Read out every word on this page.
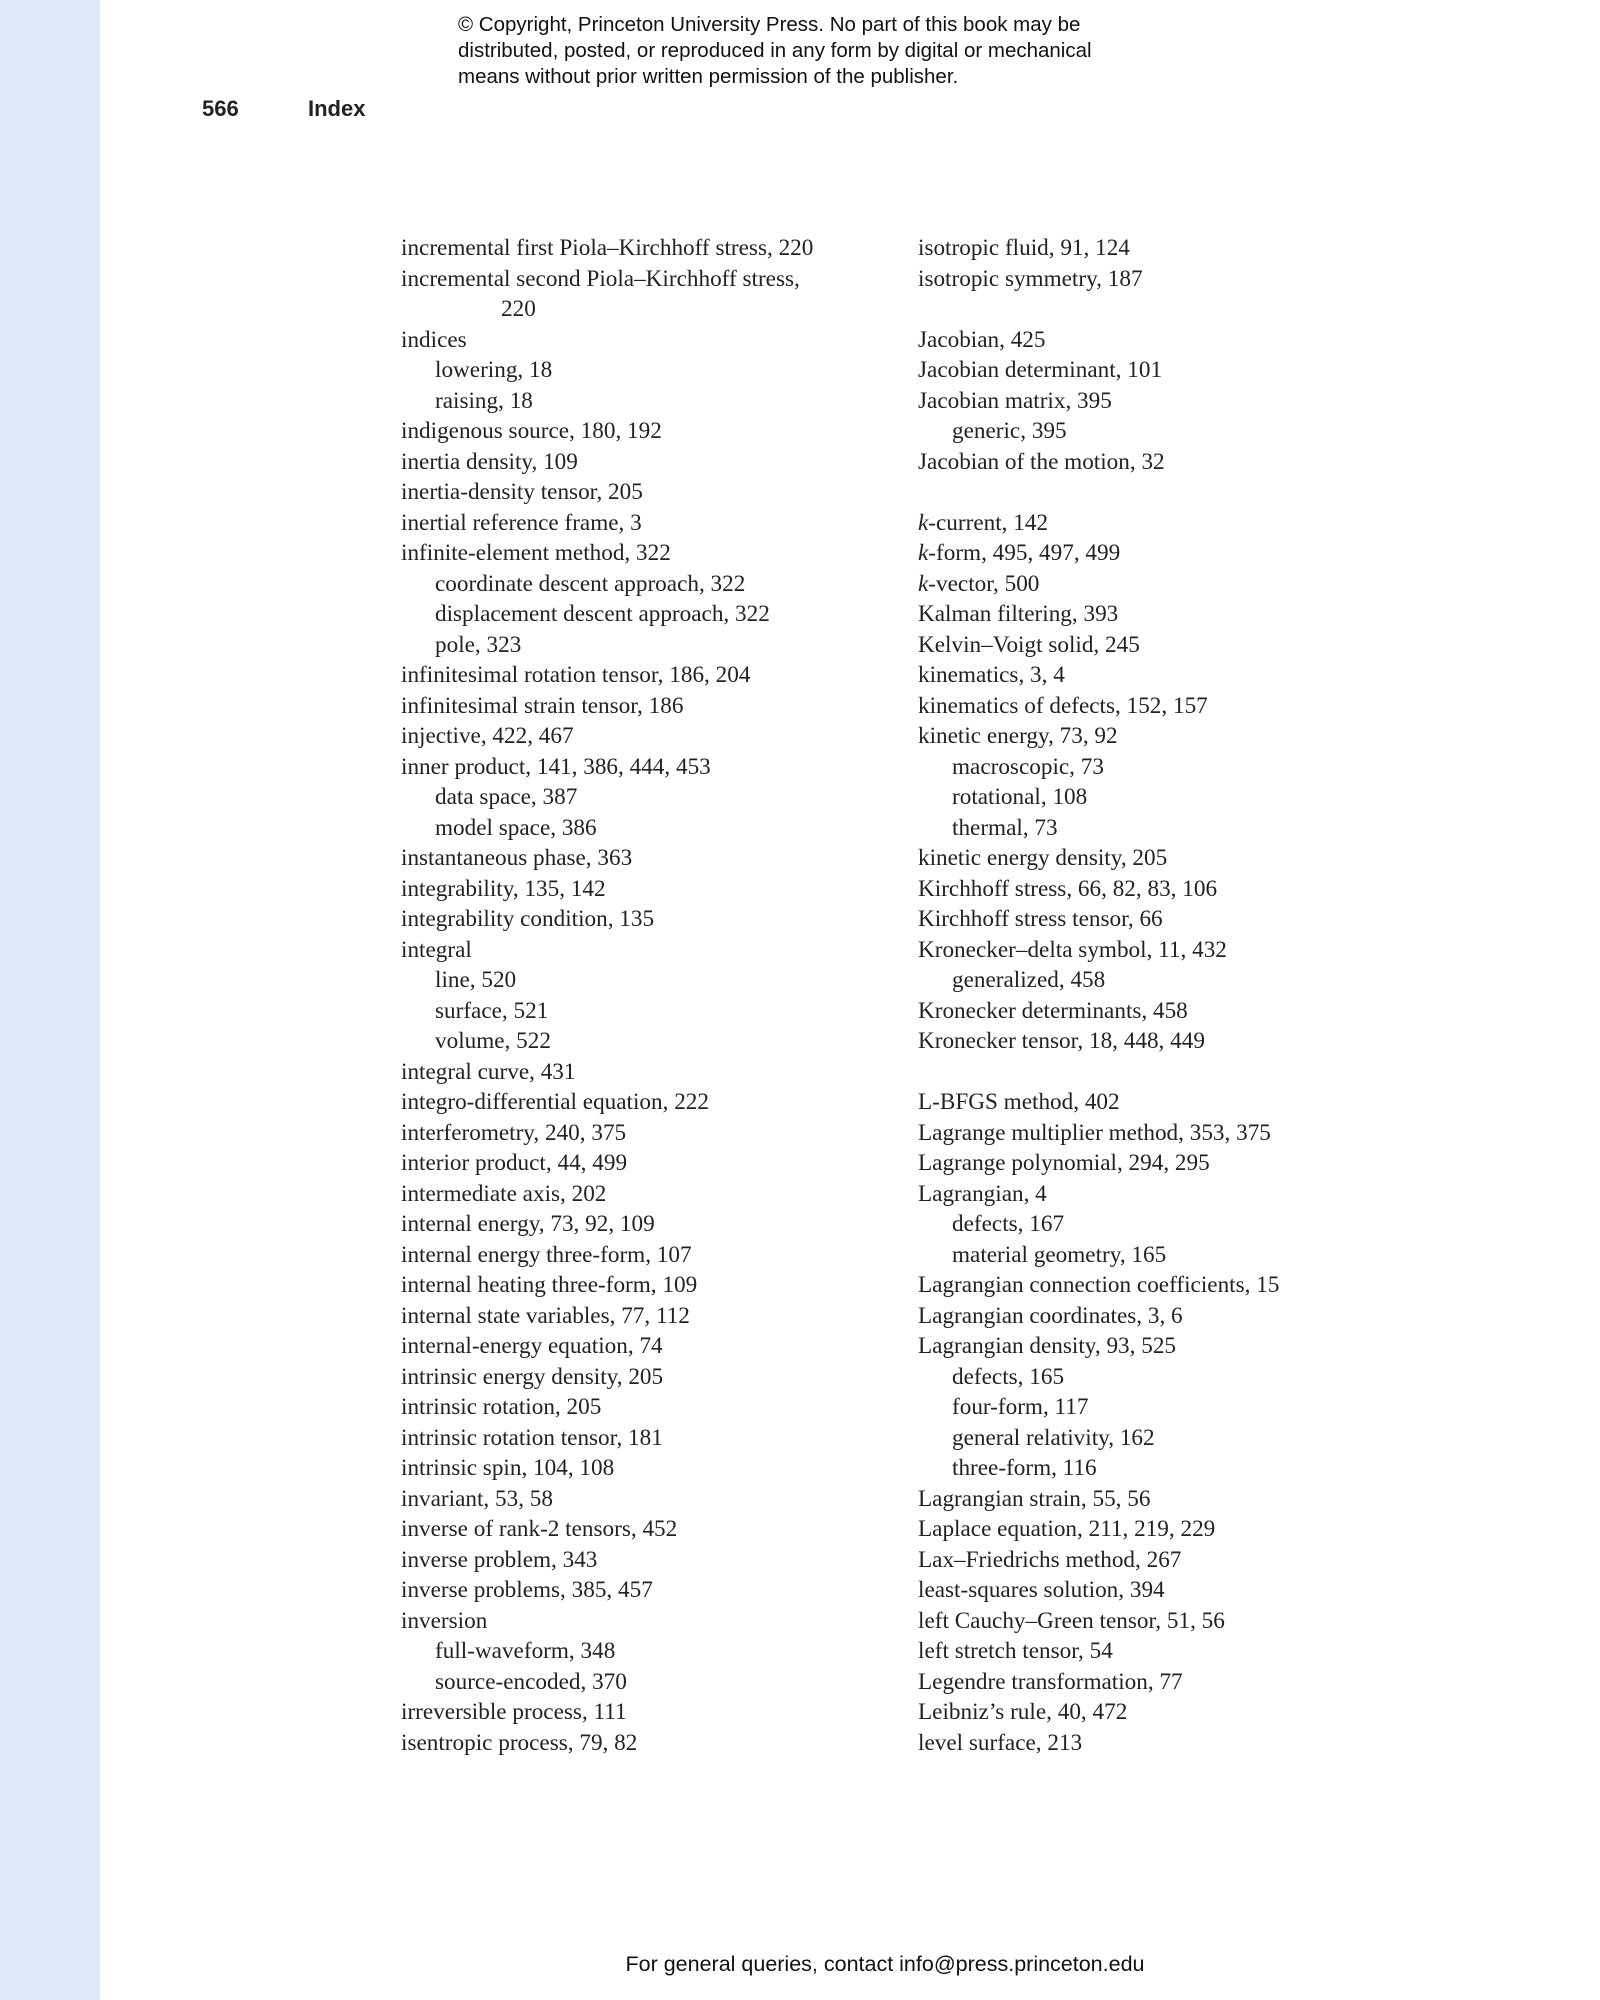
© Copyright, Princeton University Press. No part of this book may be
distributed, posted, or reproduced in any form by digital or mechanical
means without prior written permission of the publisher.
566	Index
incremental first Piola–Kirchhoff stress, 220
incremental second Piola–Kirchhoff stress,
220
indices
lowering, 18
raising, 18
indigenous source, 180, 192
inertia density, 109
inertia-density tensor, 205
inertial reference frame, 3
infinite-element method, 322
coordinate descent approach, 322
displacement descent approach, 322
pole, 323
infinitesimal rotation tensor, 186, 204
infinitesimal strain tensor, 186
injective, 422, 467
inner product, 141, 386, 444, 453
data space, 387
model space, 386
instantaneous phase, 363
integrability, 135, 142
integrability condition, 135
integral
line, 520
surface, 521
volume, 522
integral curve, 431
integro-differential equation, 222
interferometry, 240, 375
interior product, 44, 499
intermediate axis, 202
internal energy, 73, 92, 109
internal energy three-form, 107
internal heating three-form, 109
internal state variables, 77, 112
internal-energy equation, 74
intrinsic energy density, 205
intrinsic rotation, 205
intrinsic rotation tensor, 181
intrinsic spin, 104, 108
invariant, 53, 58
inverse of rank-2 tensors, 452
inverse problem, 343
inverse problems, 385, 457
inversion
full-waveform, 348
source-encoded, 370
irreversible process, 111
isentropic process, 79, 82
isotropic fluid, 91, 124
isotropic symmetry, 187
Jacobian, 425
Jacobian determinant, 101
Jacobian matrix, 395
generic, 395
Jacobian of the motion, 32
k-current, 142
k-form, 495, 497, 499
k-vector, 500
Kalman filtering, 393
Kelvin–Voigt solid, 245
kinematics, 3, 4
kinematics of defects, 152, 157
kinetic energy, 73, 92
macroscopic, 73
rotational, 108
thermal, 73
kinetic energy density, 205
Kirchhoff stress, 66, 82, 83, 106
Kirchhoff stress tensor, 66
Kronecker–delta symbol, 11, 432
generalized, 458
Kronecker determinants, 458
Kronecker tensor, 18, 448, 449
L-BFGS method, 402
Lagrange multiplier method, 353, 375
Lagrange polynomial, 294, 295
Lagrangian, 4
defects, 167
material geometry, 165
Lagrangian connection coefficients, 15
Lagrangian coordinates, 3, 6
Lagrangian density, 93, 525
defects, 165
four-form, 117
general relativity, 162
three-form, 116
Lagrangian strain, 55, 56
Laplace equation, 211, 219, 229
Lax–Friedrichs method, 267
least-squares solution, 394
left Cauchy–Green tensor, 51, 56
left stretch tensor, 54
Legendre transformation, 77
Leibniz’s rule, 40, 472
level surface, 213
For general queries, contact info@press.princeton.edu
